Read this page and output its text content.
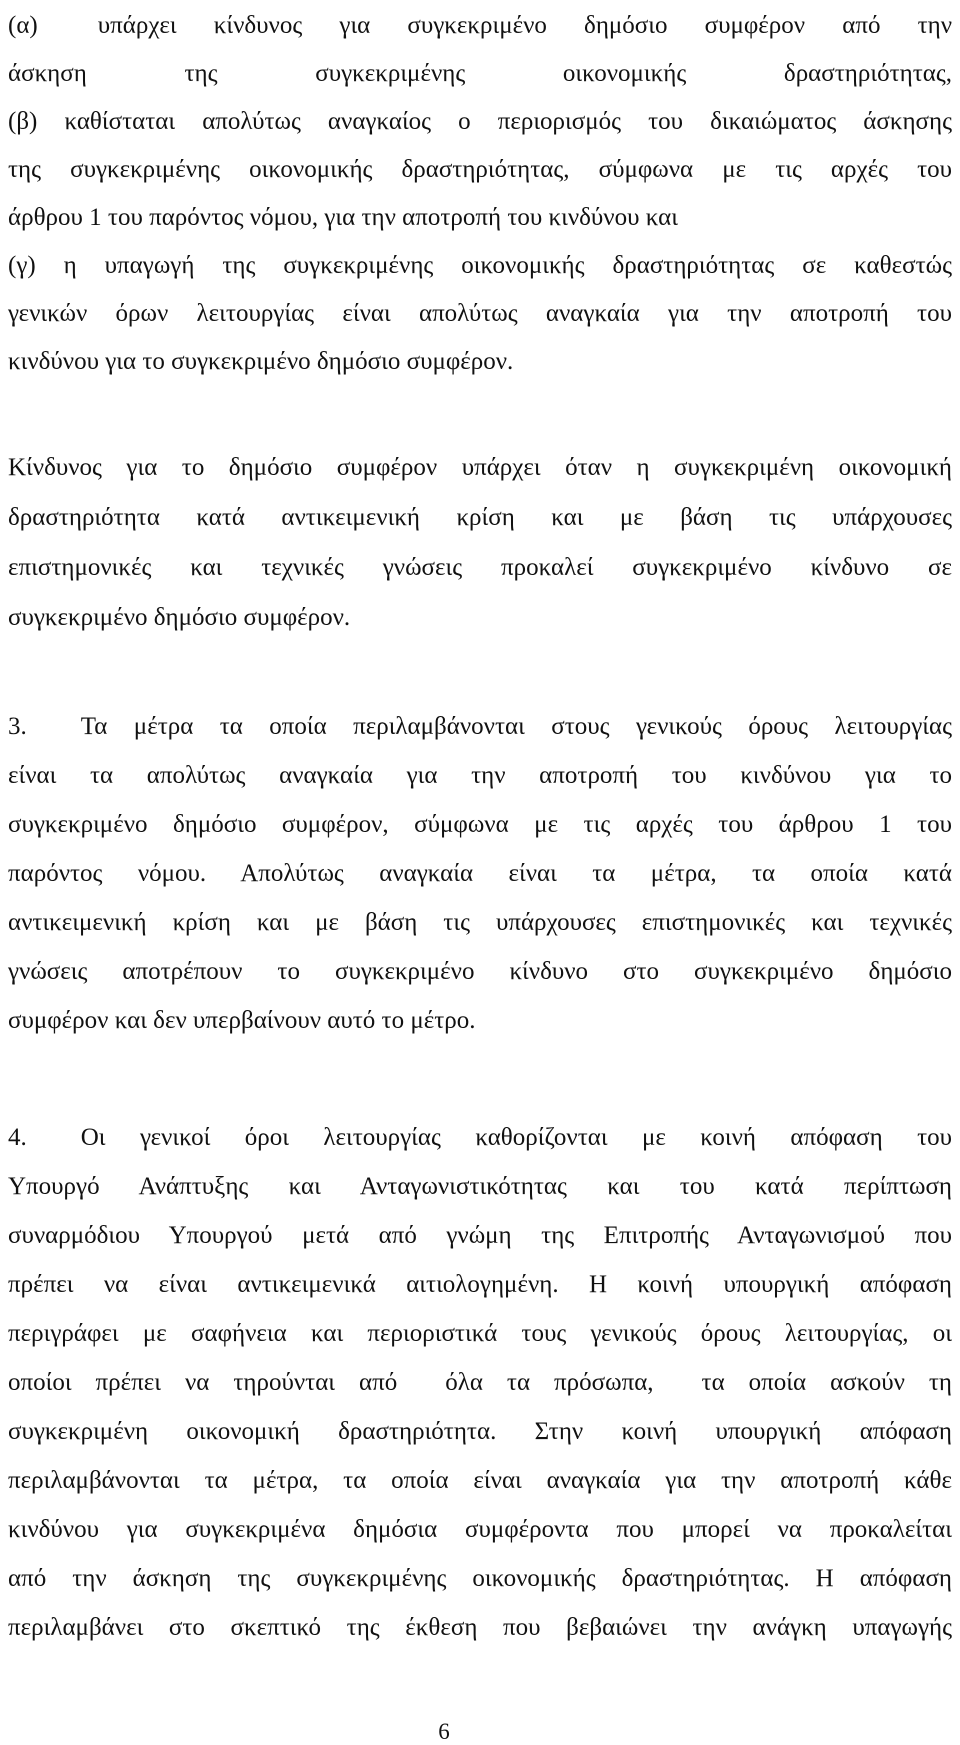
(α) υπάρχει κίνδυνος για συγκεκριμένο δημόσιο συμφέρον από την
άσκηση της συγκεκριμένης οικονομικής δραστηριότητας,
(β) καθίσταται απολύτως αναγκαίος ο περιορισμός του δικαιώματος άσκησης
της συγκεκριμένης οικονομικής δραστηριότητας, σύμφωνα με τις αρχές του
άρθρου 1 του παρόντος νόμου, για την αποτροπή του κινδύνου και
(γ) η υπαγωγή της συγκεκριμένης οικονομικής δραστηριότητας σε καθεστώς
γενικών όρων λειτουργίας είναι απολύτως αναγκαία για την αποτροπή του
κινδύνου για το συγκεκριμένο δημόσιο συμφέρον.
Κίνδυνος για το δημόσιο συμφέρον υπάρχει όταν η συγκεκριμένη οικονομική
δραστηριότητα κατά αντικειμενική κρίση και με βάση τις υπάρχουσες
επιστημονικές και τεχνικές γνώσεις προκαλεί συγκεκριμένο κίνδυνο σε
συγκεκριμένο δημόσιο συμφέρον.
3. Τα μέτρα τα οποία περιλαμβάνονται στους γενικούς όρους λειτουργίας
είναι τα απολύτως αναγκαία για την αποτροπή του κινδύνου για το
συγκεκριμένο δημόσιο συμφέρον, σύμφωνα με τις αρχές του άρθρου 1 του
παρόντος νόμου. Απολύτως αναγκαία είναι τα μέτρα, τα οποία κατά
αντικειμενική κρίση και με βάση τις υπάρχουσες επιστημονικές και τεχνικές
γνώσεις αποτρέπουν το συγκεκριμένο κίνδυνο στο συγκεκριμένο δημόσιο
συμφέρον και δεν υπερβαίνουν αυτό το μέτρο.
4. Οι γενικοί όροι λειτουργίας καθορίζονται με κοινή απόφαση του
Υπουργό Ανάπτυξης και Ανταγωνιστικότητας και του κατά περίπτωση
συναρμόδιου Υπουργού μετά από γνώμη της Επιτροπής Ανταγωνισμού που
πρέπει να είναι αντικειμενικά αιτιολογημένη. Η κοινή υπουργική απόφαση
περιγράφει με σαφήνεια και περιοριστικά τους γενικούς όρους λειτουργίας, οι
οποίοι πρέπει να τηρούνται από  όλα τα πρόσωπα,  τα οποία ασκούν τη
συγκεκριμένη οικονομική δραστηριότητα. Στην κοινή υπουργική απόφαση
περιλαμβάνονται τα μέτρα, τα οποία είναι αναγκαία για την αποτροπή κάθε
κινδύνου για συγκεκριμένα δημόσια συμφέροντα που μπορεί να προκαλείται
από την άσκηση της συγκεκριμένης οικονομικής δραστηριότητας. Η απόφαση
περιλαμβάνει στο σκεπτικό της έκθεση που βεβαιώνει την ανάγκη υπαγωγής
6
